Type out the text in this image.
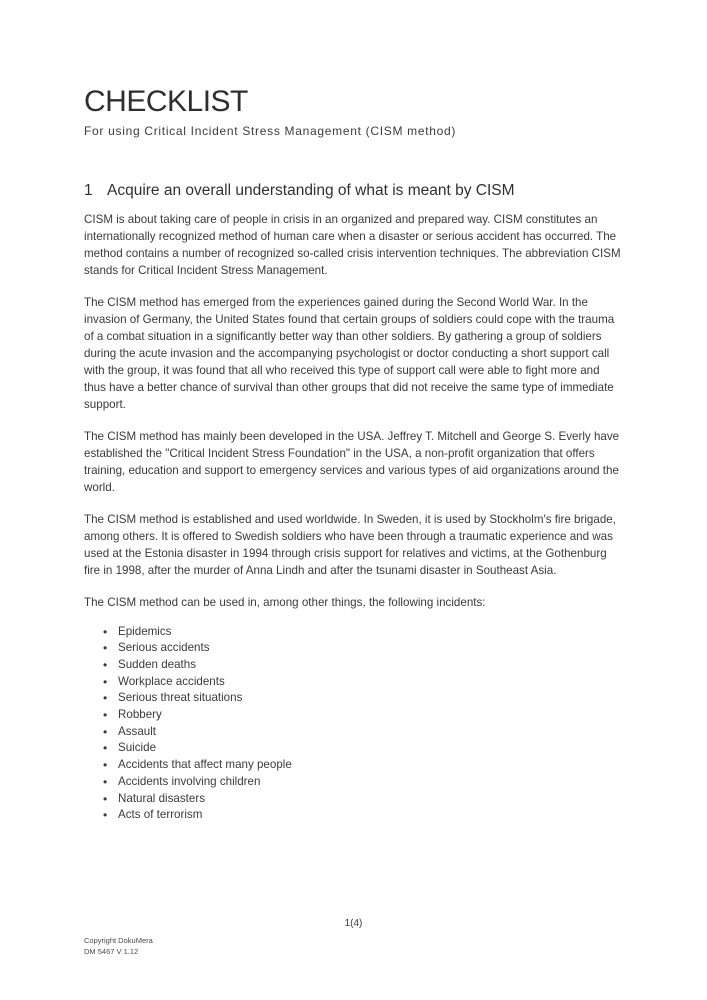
CHECKLIST
For using Critical Incident Stress Management (CISM method)
1 Acquire an overall understanding of what is meant by CISM

CISM is about taking care of people in crisis in an organized and prepared way. CISM constitutes an internationally recognized method of human care when a disaster or serious accident has occurred. The method contains a number of recognized so-called crisis intervention techniques. The abbreviation CISM stands for Critical Incident Stress Management.

The CISM method has emerged from the experiences gained during the Second World War. In the invasion of Germany, the United States found that certain groups of soldiers could cope with the trauma of a combat situation in a significantly better way than other soldiers. By gathering a group of soldiers during the acute invasion and the accompanying psychologist or doctor conducting a short support call with the group, it was found that all who received this type of support call were able to fight more and thus have a better chance of survival than other groups that did not receive the same type of immediate support.

The CISM method has mainly been developed in the USA. Jeffrey T. Mitchell and George S. Everly have established the "Critical Incident Stress Foundation" in the USA, a non-profit organization that offers training, education and support to emergency services and various types of aid organizations around the world.

The CISM method is established and used worldwide. In Sweden, it is used by Stockholm's fire brigade, among others. It is offered to Swedish soldiers who have been through a traumatic experience and was used at the Estonia disaster in 1994 through crisis support for relatives and victims, at the Gothenburg fire in 1998, after the murder of Anna Lindh and after the tsunami disaster in Southeast Asia.

The CISM method can be used in, among other things, the following incidents:

• Epidemics
• Serious accidents
• Sudden deaths
• Workplace accidents
• Serious threat situations
• Robbery
• Assault
• Suicide
• Accidents that affect many people
• Accidents involving children
• Natural disasters
• Acts of terrorism
1(4)
Copyright DokuMera
DM 5467 V 1.12
